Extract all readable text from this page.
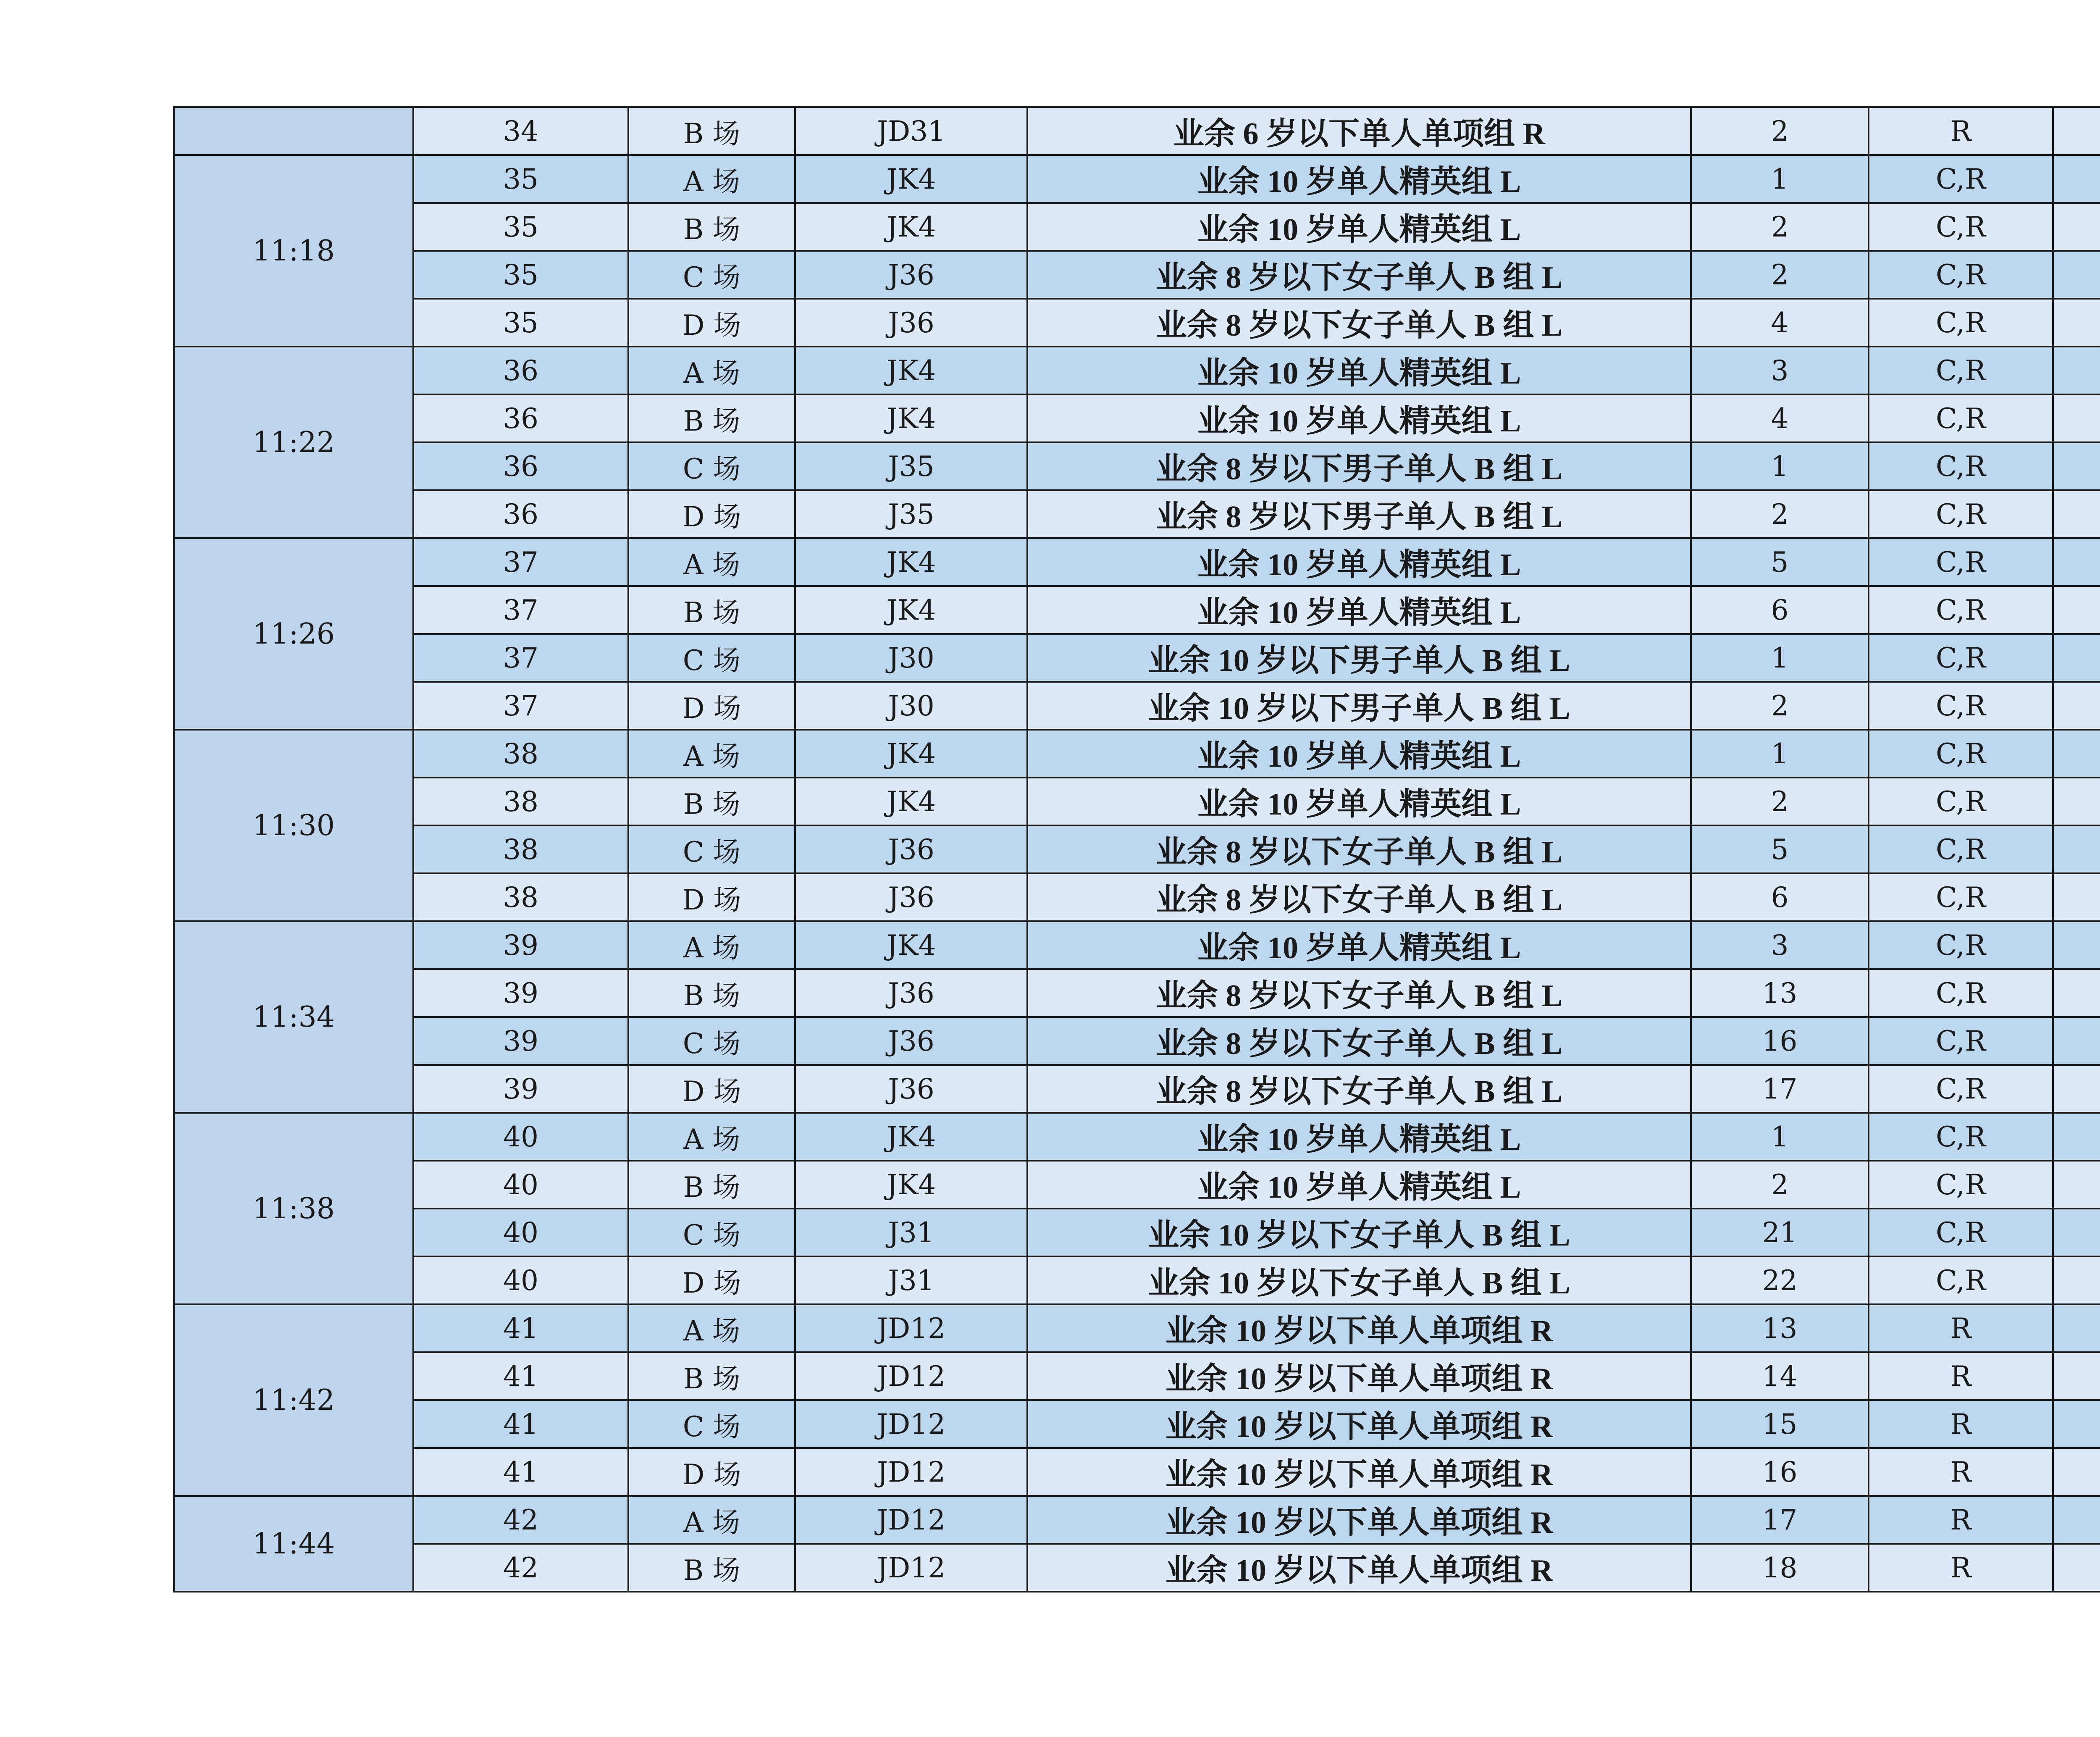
	34	B 场	JD31	业余 6 岁以下单人单项组 R	2	R	
11:18	35	A 场	JK4	业余 10 岁单人精英组 L	1	C,R	
	35	B 场	JK4	业余 10 岁单人精英组 L	2	C,R	
	35	C 场	J36	业余 8 岁以下女子单人 B 组 L	2	C,R	
	35	D 场	J36	业余 8 岁以下女子单人 B 组 L	4	C,R	
11:22	36	A 场	JK4	业余 10 岁单人精英组 L	3	C,R	
	36	B 场	JK4	业余 10 岁单人精英组 L	4	C,R	
	36	C 场	J35	业余 8 岁以下男子单人 B 组 L	1	C,R	
	36	D 场	J35	业余 8 岁以下男子单人 B 组 L	2	C,R	
11:26	37	A 场	JK4	业余 10 岁单人精英组 L	5	C,R	
	37	B 场	JK4	业余 10 岁单人精英组 L	6	C,R	
	37	C 场	J30	业余 10 岁以下男子单人 B 组 L	1	C,R	
	37	D 场	J30	业余 10 岁以下男子单人 B 组 L	2	C,R	
11:30	38	A 场	JK4	业余 10 岁单人精英组 L	1	C,R	
	38	B 场	JK4	业余 10 岁单人精英组 L	2	C,R	
	38	C 场	J36	业余 8 岁以下女子单人 B 组 L	5	C,R	
	38	D 场	J36	业余 8 岁以下女子单人 B 组 L	6	C,R	
11:34	39	A 场	JK4	业余 10 岁单人精英组 L	3	C,R	
	39	B 场	J36	业余 8 岁以下女子单人 B 组 L	13	C,R	
	39	C 场	J36	业余 8 岁以下女子单人 B 组 L	16	C,R	
	39	D 场	J36	业余 8 岁以下女子单人 B 组 L	17	C,R	
11:38	40	A 场	JK4	业余 10 岁单人精英组 L	1	C,R	
	40	B 场	JK4	业余 10 岁单人精英组 L	2	C,R	
	40	C 场	J31	业余 10 岁以下女子单人 B 组 L	21	C,R	
	40	D 场	J31	业余 10 岁以下女子单人 B 组 L	22	C,R	
11:42	41	A 场	JD12	业余 10 岁以下单人单项组 R	13	R	
	41	B 场	JD12	业余 10 岁以下单人单项组 R	14	R	
	41	C 场	JD12	业余 10 岁以下单人单项组 R	15	R	
	41	D 场	JD12	业余 10 岁以下单人单项组 R	16	R	
11:44	42	A 场	JD12	业余 10 岁以下单人单项组 R	17	R	
	42	B 场	JD12	业余 10 岁以下单人单项组 R	18	R	
